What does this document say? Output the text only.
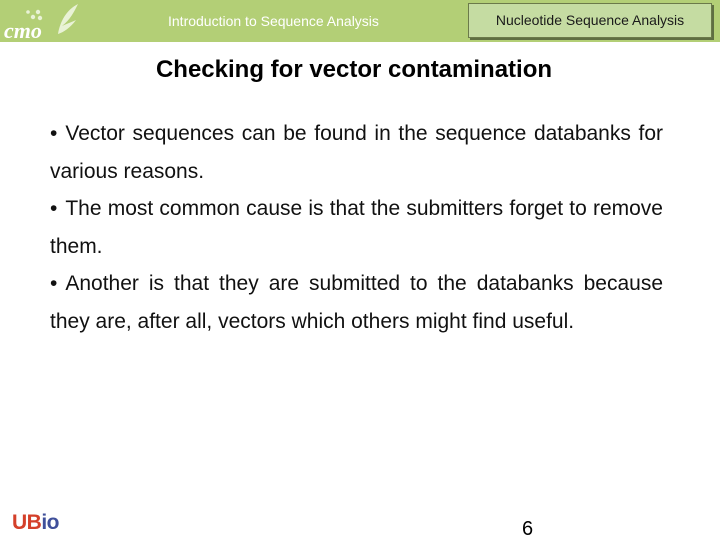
cmo	Introduction to Sequence Analysis	Nucleotide Sequence Analysis
Checking for vector contamination

• Vector sequences can be found in the sequence databanks for various reasons.

• The most common cause is that the submitters forget to remove them.

• Another is that they are submitted to the databanks because they are, after all, vectors which others might find useful.

UBio	6
